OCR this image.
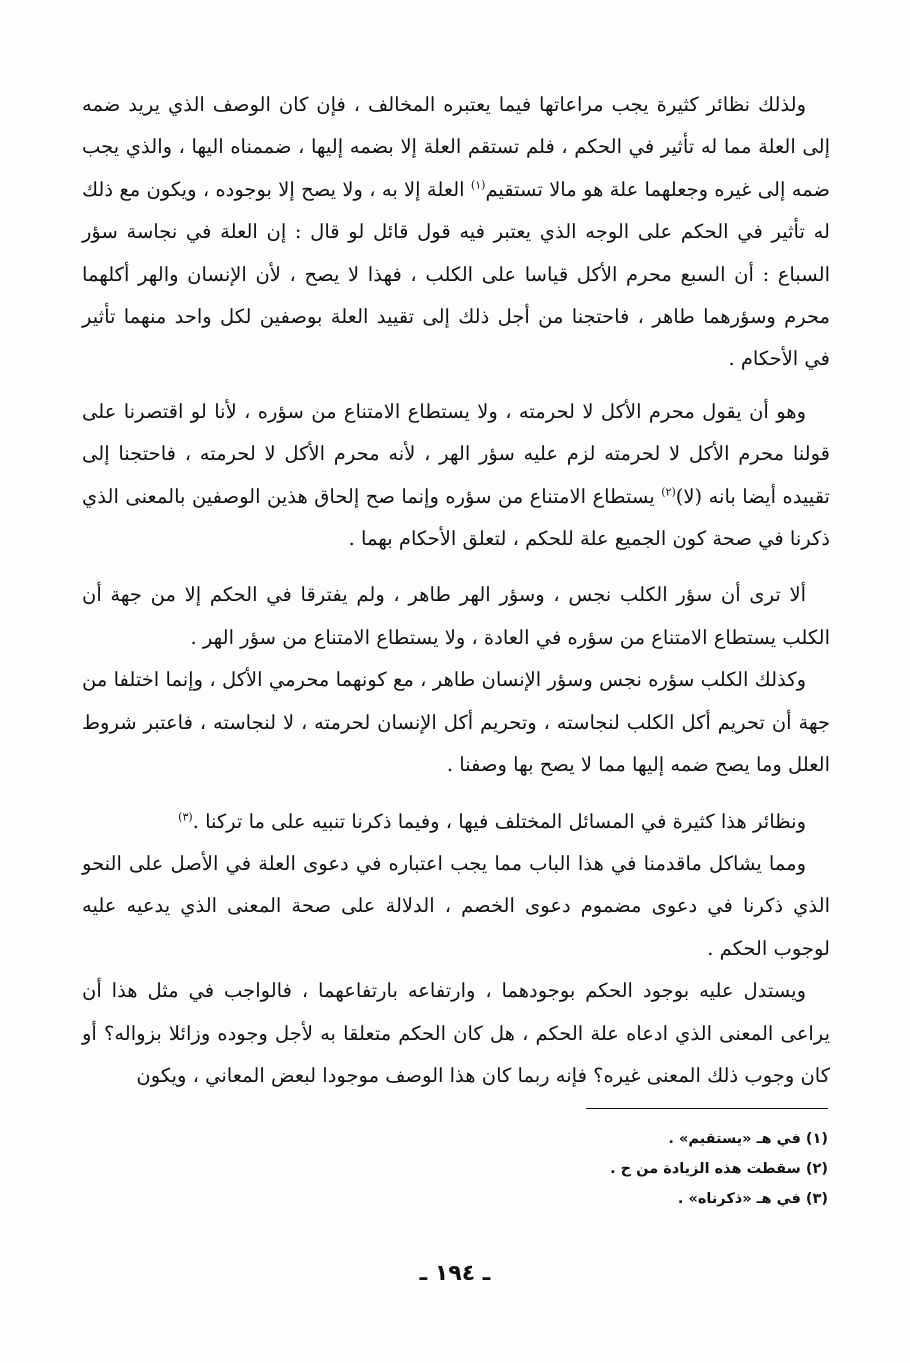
ولذلك نظائر كثيرة يجب مراعاتها فيما يعتبره المخالف ، فإن كان الوصف الذي يريد ضمه إلى العلة مما له تأثير في الحكم ، فلم تستقم العلة إلا بضمه إليها ، ضممناه اليها ، والذي يجب ضمه إلى غيره وجعلهما علة هو مالا تستقيم$^{(١)}$ العلة إلا به ، ولا يصح إلا بوجوده ، ويكون مع ذلك له تأثير في الحكم على الوجه الذي يعتبر فيه قول قائل لو قال : إن العلة في نجاسة سؤر السباع : أن السبع محرم الأكل قياسا على الكلب ، فهذا لا يصح ، لأن الإنسان والهر أكلهما محرم وسؤرهما طاهر ، فاحتجنا من أجل ذلك إلى تقييد العلة بوصفين لكل واحد منهما تأثير في الأحكام .

وهو أن يقول محرم الأكل لا لحرمته ، ولا يستطاع الامتناع من سؤره ، لأنا لو اقتصرنا على قولنا محرم الأكل لا لحرمته لزم عليه سؤر الهر ، لأنه محرم الأكل لا لحرمته ، فاحتجنا إلى تقييده أيضا بانه (لا)$^{(٢)}$ يستطاع الامتناع من سؤره وإنما صح إلحاق هذين الوصفين بالمعنى الذي ذكرنا في صحة كون الجميع علة للحكم ، لتعلق الأحكام بهما .

ألا ترى أن سؤر الكلب نجس ، وسؤر الهر طاهر ، ولم يفترقا في الحكم إلا من جهة أن الكلب يستطاع الامتناع من سؤره في العادة ، ولا يستطاع الامتناع من سؤر الهر .

وكذلك الكلب سؤره نجس وسؤر الإنسان طاهر ، مع كونهما محرمي الأكل ، وإنما اختلفا من جهة أن تحريم أكل الكلب لنجاسته ، وتحريم أكل الإنسان لحرمته ، لا لنجاسته ، فاعتبر شروط العلل وما يصح ضمه إليها مما لا يصح بها وصفنا .

ونظائر هذا كثيرة في المسائل المختلف فيها ، وفيما ذكرنا تنبيه على ما تركنا .$^{(٣)}$

ومما يشاكل ماقدمنا في هذا الباب مما يجب اعتباره في دعوى العلة في الأصل على النحو الذي ذكرنا في دعوى مضموم دعوى الخصم ، الدلالة على صحة المعنى الذي يدعيه عليه لوجوب الحكم .

ويستدل عليه بوجود الحكم بوجودهما ، وارتفاعه بارتفاعهما ، فالواجب في مثل هذا أن يراعى المعنى الذي ادعاه علة الحكم ، هل كان الحكم متعلقا به لأجل وجوده وزائلا بزواله؟ أو كان وجوب ذلك المعنى غيره؟ فإنه ربما كان هذا الوصف موجودا لبعض المعاني ، ويكون

(١) في هـ «يستقيم» .

(٢) سقطت هذه الزيادة من ح .

(٣) في هـ «ذكرناه» .

ـ ١٩٤ ـ
